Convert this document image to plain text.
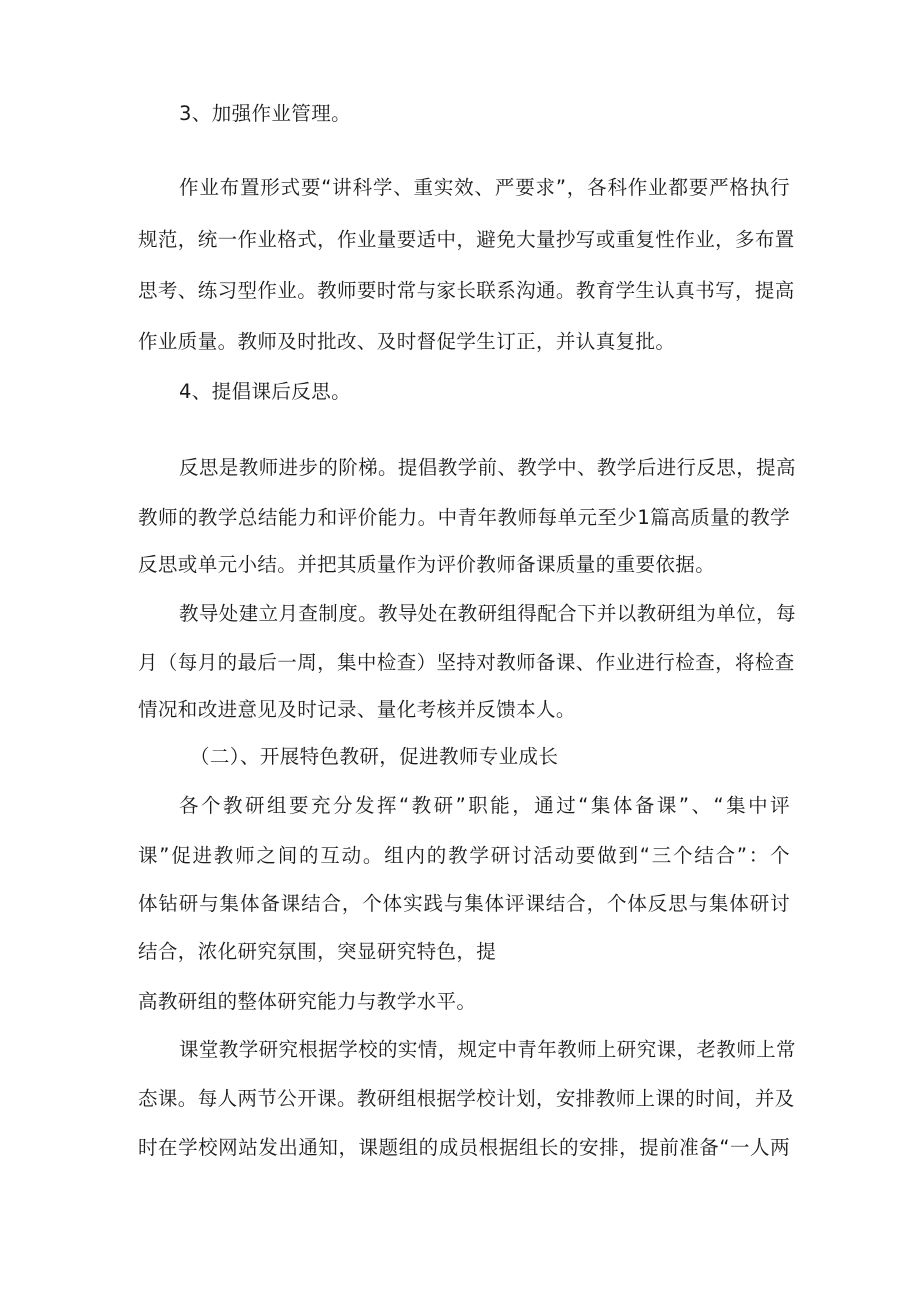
3、加强作业管理。
作业布置形式要“讲科学、重实效、严要求”，各科作业都要严格执行
规范，统一作业格式，作业量要适中，避免大量抄写或重复性作业，多布置
思考、练习型作业。教师要时常与家长联系沟通。教育学生认真书写，提高
作业质量。教师及时批改、及时督促学生订正，并认真复批。
4、提倡课后反思。
反思是教师进步的阶梯。提倡教学前、教学中、教学后进行反思，提高
教师的教学总结能力和评价能力。中青年教师每单元至少1篇高质量的教学
反思或单元小结。并把其质量作为评价教师备课质量的重要依据。
教导处建立月查制度。教导处在教研组得配合下并以教研组为单位，每
月（每月的最后一周，集中检查）坚持对教师备课、作业进行检查，将检查
情况和改进意见及时记录、量化考核并反馈本人。
（二）、开展特色教研，促进教师专业成长
各个教研组要充分发挥“教研”职能，通过“集体备课”、“集中评
课”促进教师之间的互动。组内的教学研讨活动要做到“三个结合”：个
体钻研与集体备课结合，个体实践与集体评课结合，个体反思与集体研讨
结合，浓化研究氛围，突显研究特色，提
高教研组的整体研究能力与教学水平。
课堂教学研究根据学校的实情，规定中青年教师上研究课，老教师上常
态课。每人两节公开课。教研组根据学校计划，安排教师上课的时间，并及
时在学校网站发出通知，课题组的成员根据组长的安排，提前准备“一人两
